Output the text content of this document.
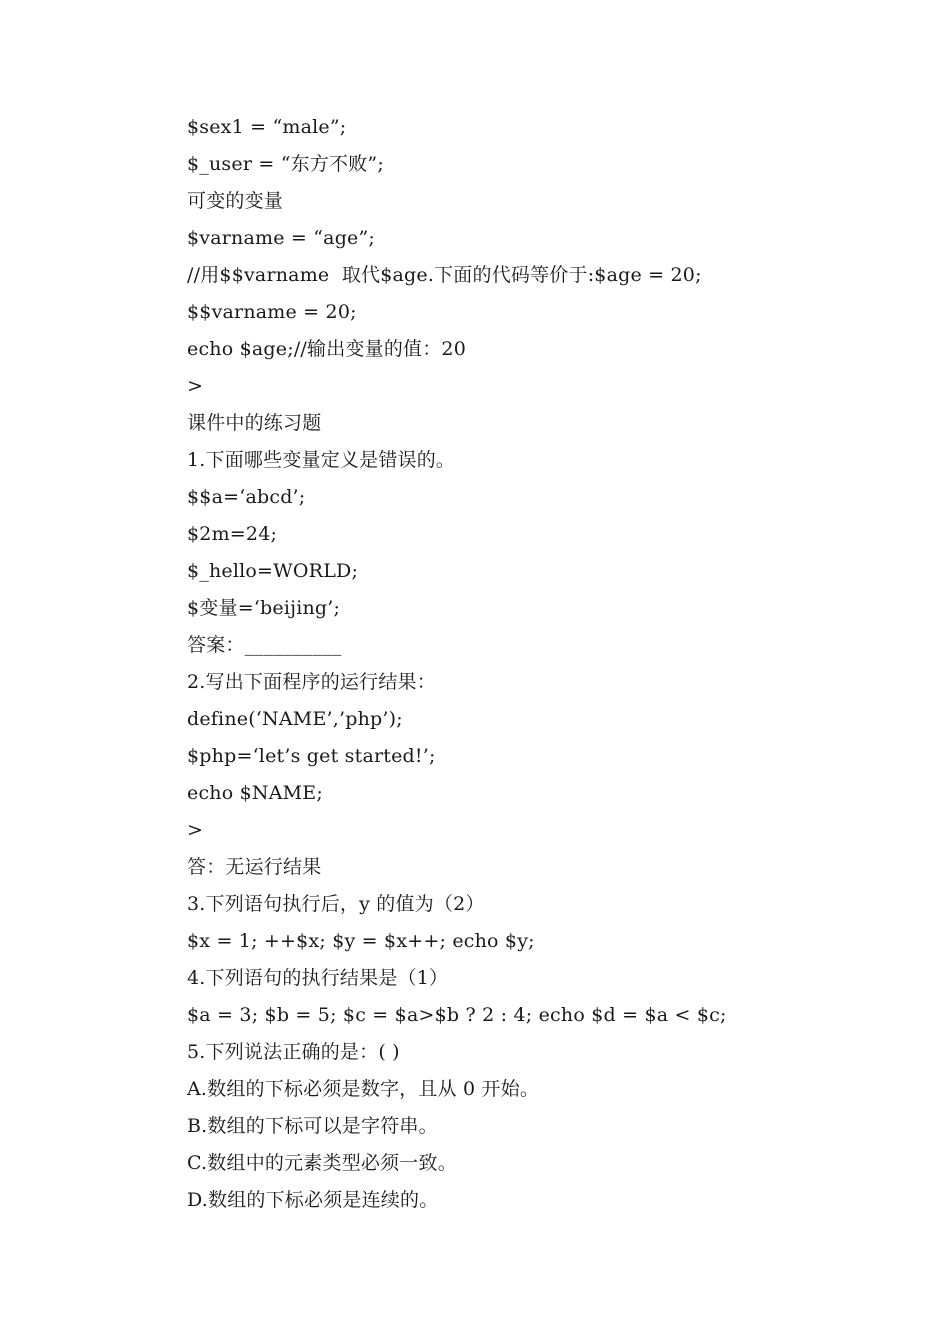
$sex1 = “male”;
$_user = “东方不败”;
可变的变量
$varname = “age”;
//用$$varname  取代$age.下面的代码等价于:$age = 20;
$$varname = 20;
echo $age;//输出变量的值：20
>
课件中的练习题
1.下面哪些变量定义是错误的。
$$a=‘abcd’;
$2m=24;
$_hello=WORLD;
$变量=‘beijing’;
答案：__________
2.写出下面程序的运行结果：
define(‘NAME’,’php’);
$php=‘let’s get started!’;
echo $NAME;
>
答：无运行结果
3.下列语句执行后，y 的值为（2）
$x = 1; ++$x; $y = $x++; echo $y;
4.下列语句的执行结果是（1）
$a = 3; $b = 5; $c = $a>$b ? 2 : 4; echo $d = $a < $c;
5.下列说法正确的是：( )
A.数组的下标必须是数字，且从 0 开始。
B.数组的下标可以是字符串。
C.数组中的元素类型必须一致。
D.数组的下标必须是连续的。
